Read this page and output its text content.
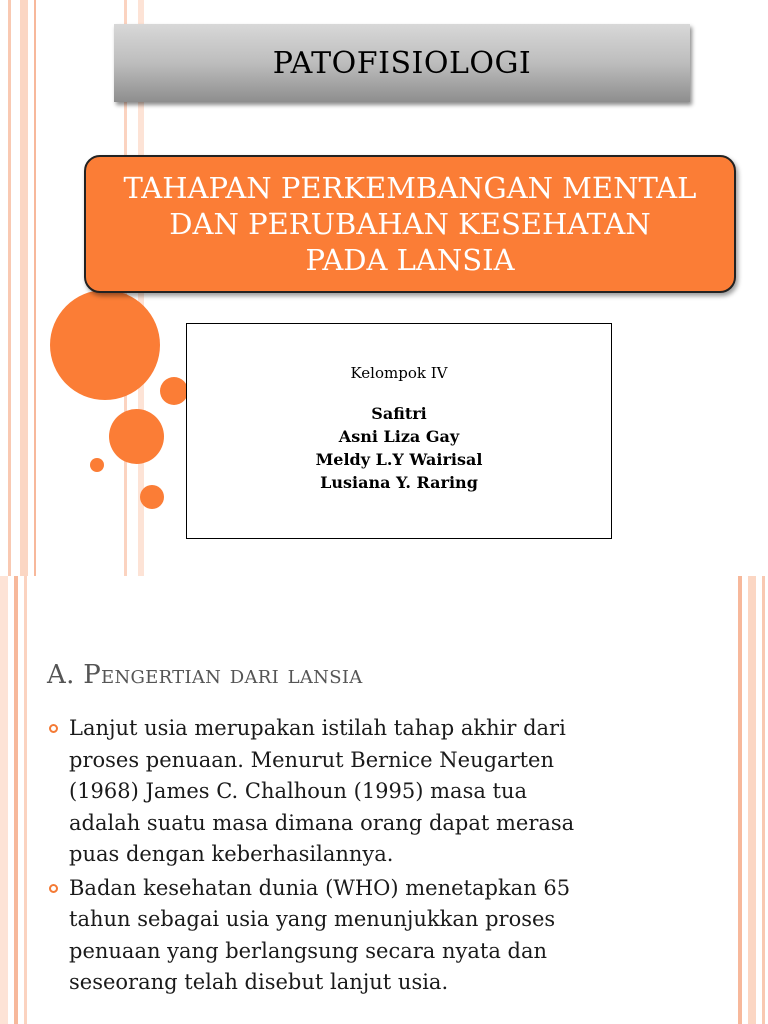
PATOFISIOLOGI

TAHAPAN PERKEMBANGAN MENTAL
DAN PERUBAHAN KESEHATAN
PADA LANSIA

Kelompok IV
Safitri
Asni Liza Gay
Meldy L.Y Wairisal
Lusiana Y. Raring
A. Pengertian dari lansia
Lanjut usia merupakan istilah tahap akhir dari
proses penuaan. Menurut Bernice Neugarten
(1968) James C. Chalhoun (1995) masa tua
adalah suatu masa dimana orang dapat merasa
puas dengan keberhasilannya.
Badan kesehatan dunia (WHO) menetapkan 65
tahun sebagai usia yang menunjukkan proses
penuaan yang berlangsung secara nyata dan
seseorang telah disebut lanjut usia.
